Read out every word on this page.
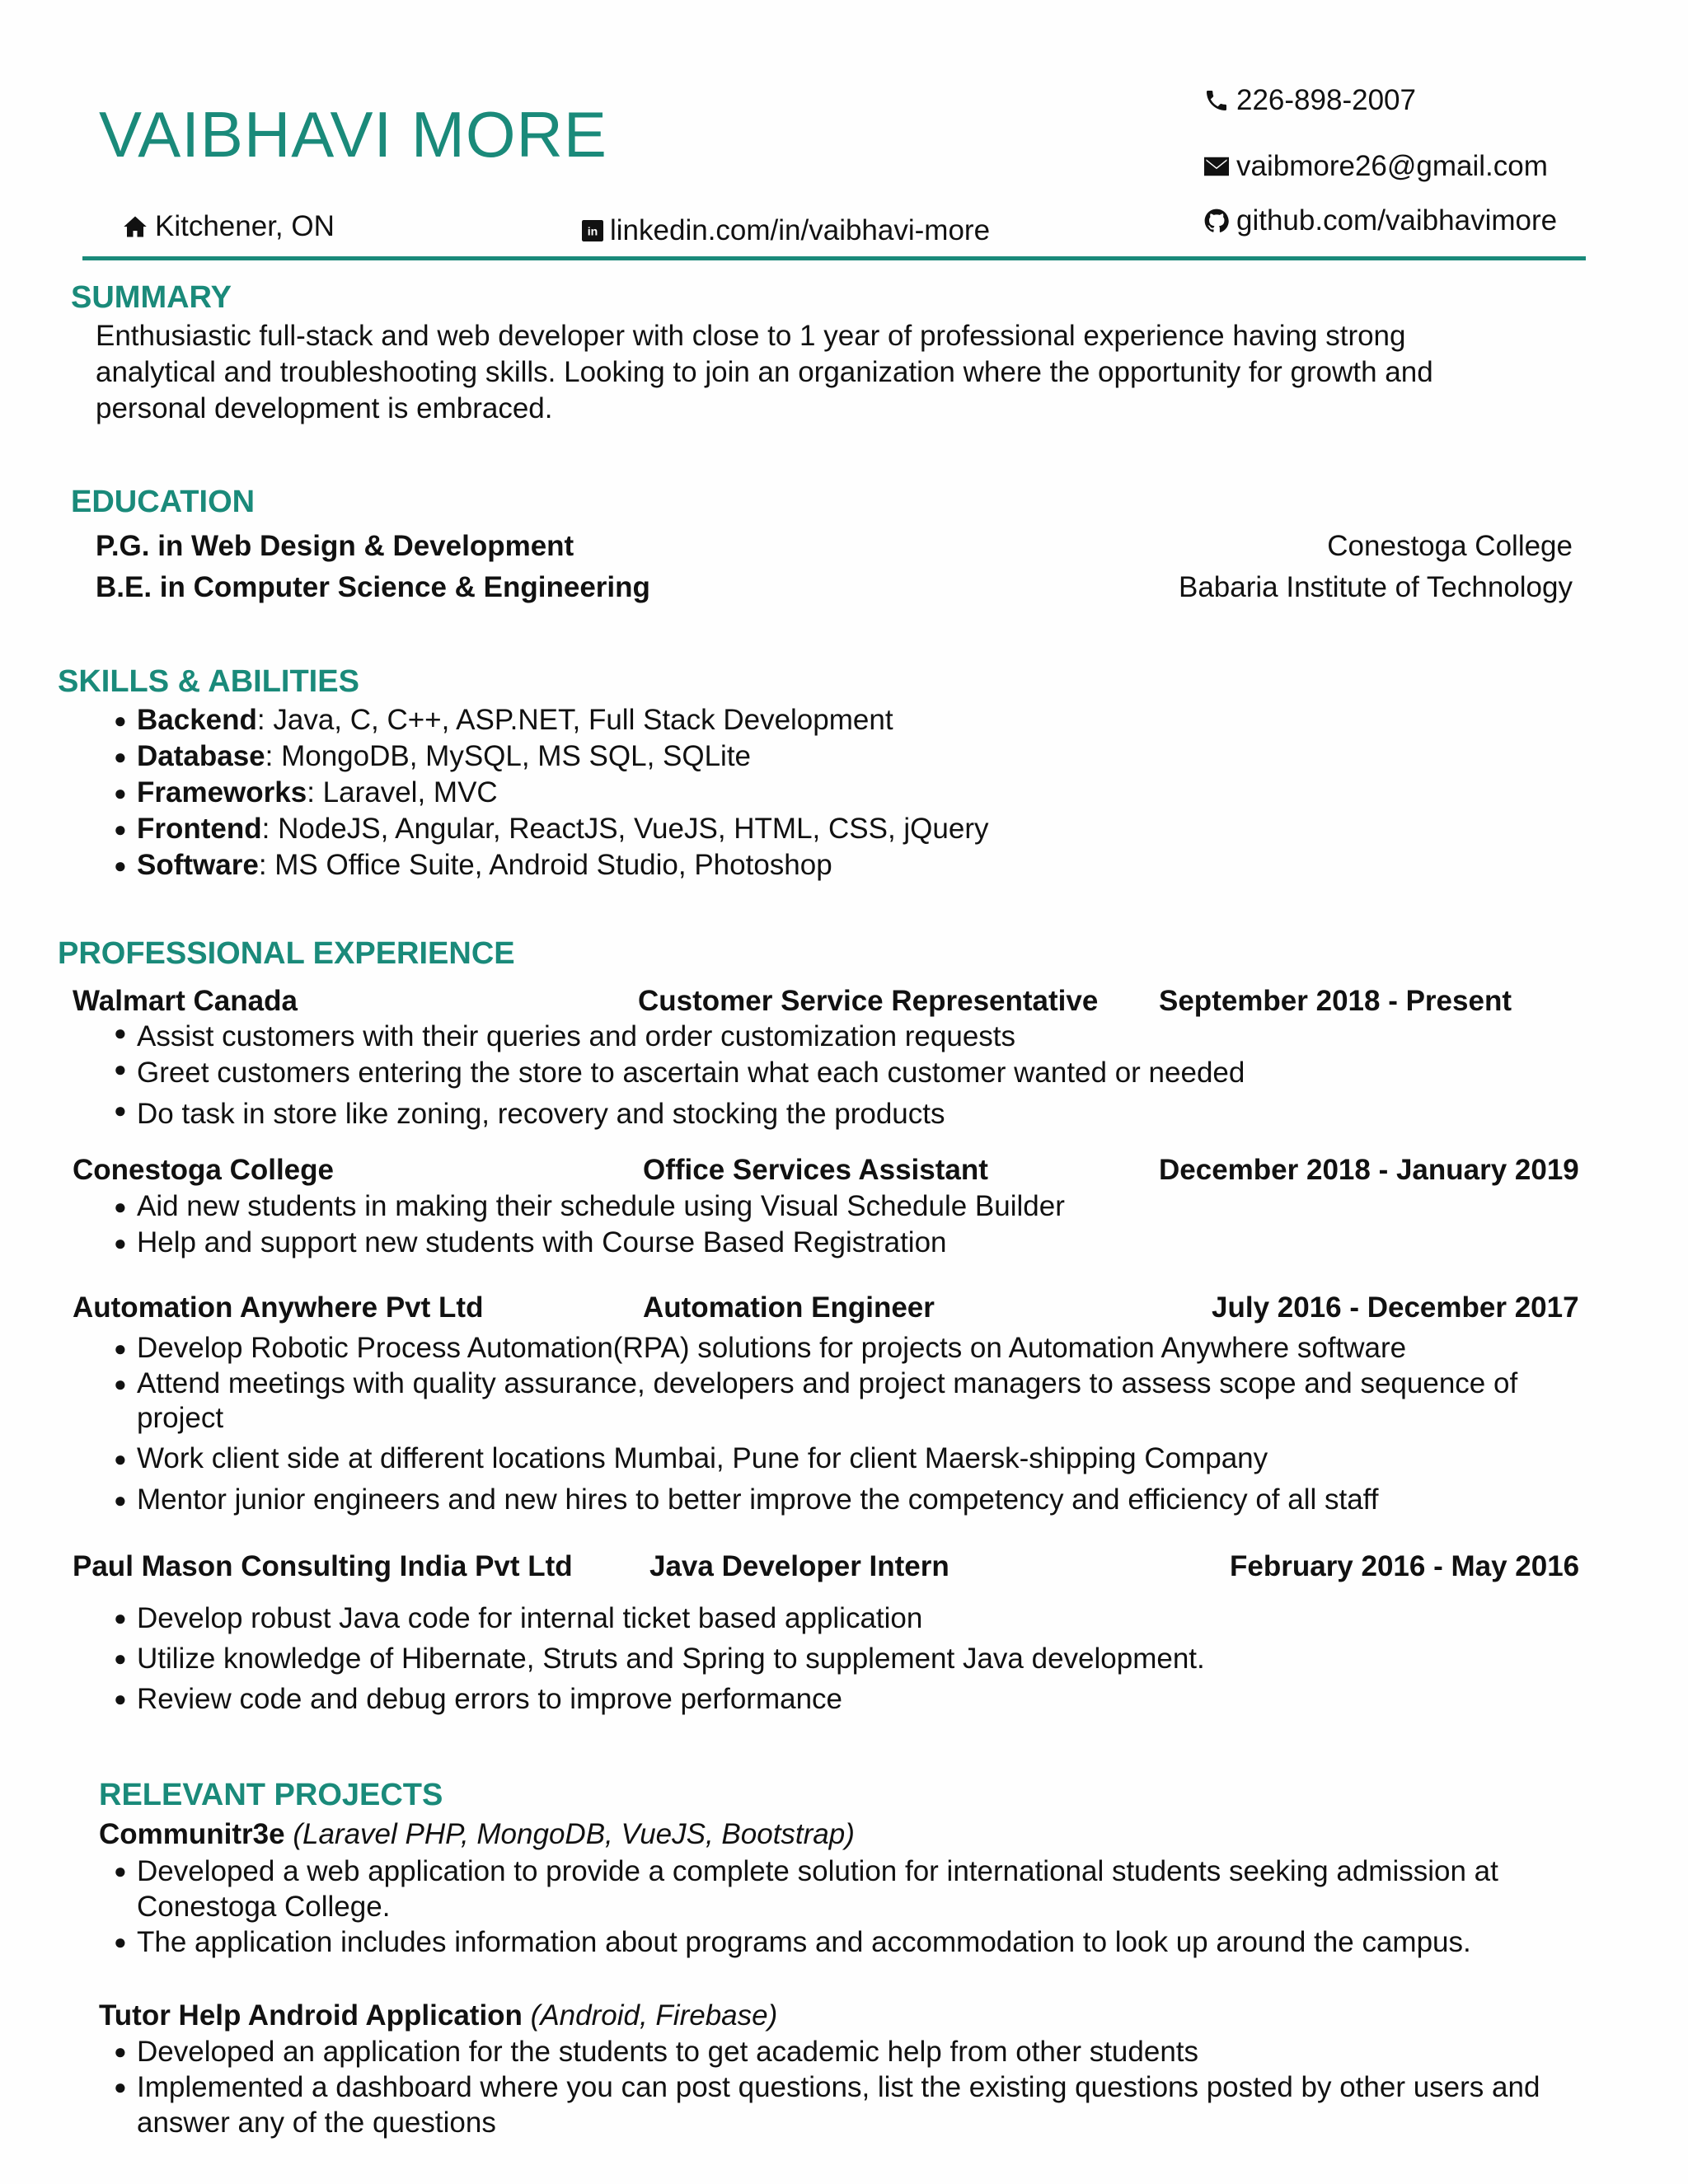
VAIBHAVI MORE	226-898-2007
vaibmore26@gmail.com
github.com/vaibhavimore
Kitchener, ON	in linkedin.com/in/vaibhavi-more
SUMMARY
Enthusiastic full-stack and web developer with close to 1 year of professional experience having strong
analytical and troubleshooting skills. Looking to join an organization where the opportunity for growth and
personal development is embraced.
EDUCATION
P.G. in Web Design & Development	Conestoga College
B.E. in Computer Science & Engineering	Babaria Institute of Technology
SKILLS & ABILITIES
● Backend: Java, C, C++, ASP.NET, Full Stack Development
● Database: MongoDB, MySQL, MS SQL, SQLite
● Frameworks: Laravel, MVC
● Frontend: NodeJS, Angular, ReactJS, VueJS, HTML, CSS, jQuery
● Software: MS Office Suite, Android Studio, Photoshop
PROFESSIONAL EXPERIENCE
Walmart Canada	Customer Service Representative September 2018 - Present
● Assist customers with their queries and order customization requests
● Greet customers entering the store to ascertain what each customer wanted or needed
● Do task in store like zoning, recovery and stocking the products
Conestoga College	Office Services Assistant	December 2018 - January 2019
● Aid new students in making their schedule using Visual Schedule Builder
● Help and support new students with Course Based Registration
Automation Anywhere Pvt Ltd	Automation Engineer	July 2016 - December 2017
● Develop Robotic Process Automation(RPA) solutions for projects on Automation Anywhere software
● Attend meetings with quality assurance, developers and project managers to assess scope and sequence of project
● Work client side at different locations Mumbai, Pune for client Maersk-shipping Company
● Mentor junior engineers and new hires to better improve the competency and efficiency of all staff
Paul Mason Consulting India Pvt Ltd	Java Developer Intern	February 2016 - May 2016
● Develop robust Java code for internal ticket based application
● Utilize knowledge of Hibernate, Struts and Spring to supplement Java development.
● Review code and debug errors to improve performance
RELEVANT PROJECTS
Communitr3e (Laravel PHP, MongoDB, VueJS, Bootstrap)
● Developed a web application to provide a complete solution for international students seeking admission at Conestoga College.
● The application includes information about programs and accommodation to look up around the campus.
Tutor Help Android Application (Android, Firebase)
● Developed an application for the students to get academic help from other students
● Implemented a dashboard where you can post questions, list the existing questions posted by other users and answer any of the questions
